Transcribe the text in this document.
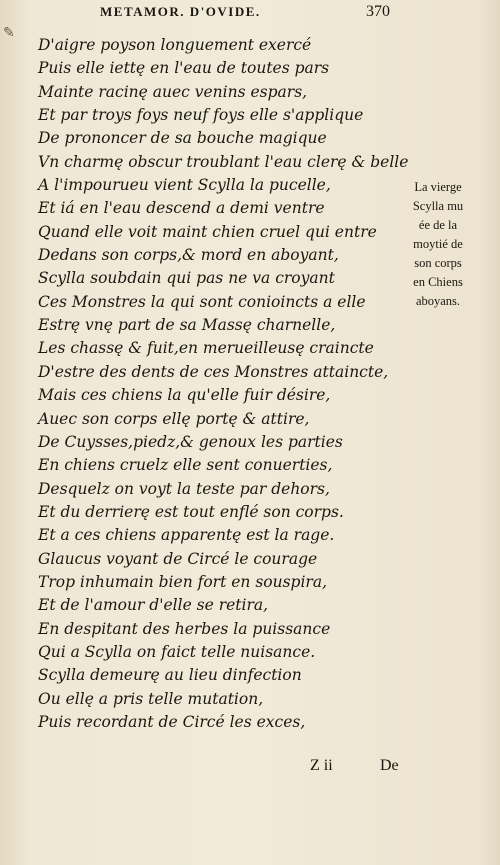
✎
METAMOR. D'OVIDE.	370
D'aigre poyson longuement exercé
Puis elle iettę en l'eau de toutes pars
Mainte racinę auec venins espars,
Et par troys foys neuf foys elle s'applique
De prononcer de sa bouche magique
Vn charmę obscur troublant l'eau clerę & belle
A l'impourueu vient Scylla la pucelle,
Et iá en l'eau descend a demi ventre
Quand elle voit maint chien cruel qui entre
Dedans son corps,& mord en aboyant,
Scylla soubdain qui pas ne va croyant
Ces Monstres la qui sont conioincts a elle
Estrę vnę part de sa Massę charnelle,
Les chassę & fuit,en merueilleusę craincte
D'estre des dents de ces Monstres attaincte,
Mais ces chiens la qu'elle fuir désire,
Auec son corps ellę portę & attire,
De Cuysses,piedz,& genoux les parties
En chiens cruelz elle sent conuerties,
Desquelz on voyt la teste par dehors,
Et du derrierę est tout enflé son corps.
Et a ces chiens apparentę est la rage.
Glaucus voyant de Circé le courage
Trop inhumain bien fort en souspira,
Et de l'amour d'elle se retira,
En despitant des herbes la puissance
Qui a Scylla on faict telle nuisance.
Scylla demeurę au lieu dinfection
Ou ellę a pris telle mutation,
Puis recordant de Circé les exces,
La vierge
Scylla mu
ée de la
moytié de
son corps
en Chiens
aboyans.
Z ii	De
